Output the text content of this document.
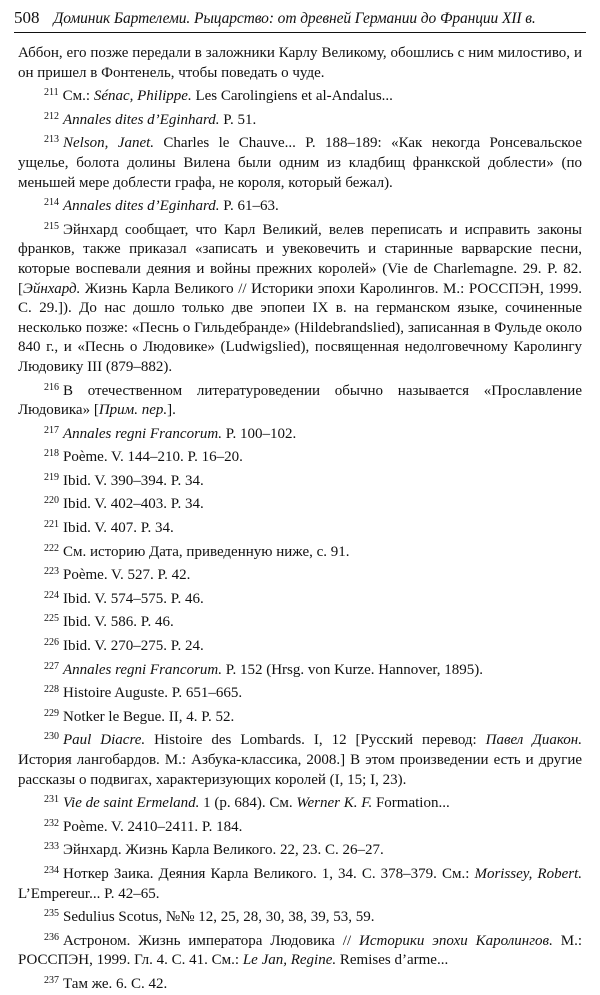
508 Доминик Бартелеми. Рыцарство: от древней Германии до Франции XII в.

Аббон, его позже передали в заложники Карлу Великому, обошлись с ним милостиво, и он пришел в Фонтенель, чтобы поведать о чуде.

$^{211}$ См.: Sénac, Philippe. Les Carolingiens et al-Andalus...

$^{212}$ Annales dites d’Eginhard. P. 51.

$^{213}$ Nelson, Janet. Charles le Chauve... P. 188–189: «Как некогда Ронсевальское ущелье, болота долины Вилена были одним из кладбищ франкской доблести» (по меньшей мере доблести графа, не короля, который бежал).

$^{214}$ Annales dites d’Eginhard. P. 61–63.

$^{215}$ Эйнхард сообщает, что Карл Великий, велев переписать и исправить законы франков, также приказал «записать и увековечить и старинные варварские песни, которые воспевали деяния и войны прежних королей» (Vie de Charlemagne. 29. P. 82. [Эйнхард. Жизнь Карла Великого // Историки эпохи Каролингов. М.: РОССПЭН, 1999. С. 29.]). До нас дошло только две эпопеи IX в. на германском языке, сочиненные несколько позже: «Песнь о Гильдебранде» (Hildebrandslied), записанная в Фульде около 840 г., и «Песнь о Людовике» (Ludwigslied), посвященная недолговечному Каролингу Людовику III (879–882).

$^{216}$ В отечественном литературоведении обычно называется «Прославление Людовика» [Прим. пер.].

$^{217}$ Annales regni Francorum. P. 100–102.

$^{218}$ Poème. V. 144–210. P. 16–20.

$^{219}$ Ibid. V. 390–394. P. 34.

$^{220}$ Ibid. V. 402–403. P. 34.

$^{221}$ Ibid. V. 407. P. 34.

$^{222}$ См. историю Дата, приведенную ниже, с. 91.

$^{223}$ Poème. V. 527. P. 42.

$^{224}$ Ibid. V. 574–575. P. 46.

$^{225}$ Ibid. V. 586. P. 46.

$^{226}$ Ibid. V. 270–275. P. 24.

$^{227}$ Annales regni Francorum. P. 152 (Hrsg. von Kurze. Hannover, 1895).

$^{228}$ Histoire Auguste. P. 651–665.

$^{229}$ Notker le Begue. II, 4. P. 52.

$^{230}$ Paul Diacre. Histoire des Lombards. I, 12 [Русский перевод: Павел Диакон. История лангобардов. М.: Азбука-классика, 2008.] В этом произведении есть и другие рассказы о подвигах, характеризующих королей (I, 15; I, 23).

$^{231}$ Vie de saint Ermeland. 1 (p. 684). См. Werner K. F. Formation...

$^{232}$ Poème. V. 2410–2411. P. 184.

$^{233}$ Эйнхард. Жизнь Карла Великого. 22, 23. С. 26–27.

$^{234}$ Ноткер Заика. Деяния Карла Великого. 1, 34. С. 378–379. См.: Morissey, Robert. L’Empereur... P. 42–65.

$^{235}$ Sedulius Scotus, №№ 12, 25, 28, 30, 38, 39, 53, 59.

$^{236}$ Астроном. Жизнь императора Людовика // Историки эпохи Каролингов. М.: РОССПЭН, 1999. Гл. 4. С. 41. См.: Le Jan, Regine. Remises d’arme...

$^{237}$ Там же. 6. С. 42.
